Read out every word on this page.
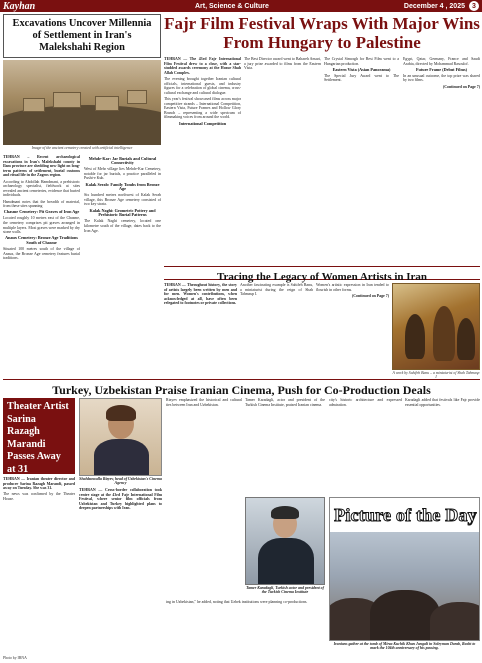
Kayhan	Art, Science & Culture	December 4 , 2025	3
Excavations Uncover Millennia of Settlement in Iran's Malekshahi Region
Image of the ancient cemetery created with artificial intelligence

TEHRAN – Recent archaeological excavations in Iran's Malekshahi county in Ilam province are shedding new light on long-term patterns of settlement, burial customs and ritual life in the Zagros region.

According to Abdollah Hamdmani, a prehistoric archaeology specialist, fieldwork at sites revealed ancient cemeteries, evidence that buried individuals.

Hamdmani notes that the breadth of material, from these sites spanning

Chasme Cemetery: Pit Graves of Iron Age

Located roughly 10 metres east of the Chasme, the cemetery comprises pit graves arranged in multiple layers. Most graves were marked by dry stone walls.

Anaux Cemetery: Bronze Age Traditions South of Chasme

Situated 100 metres south of the village of Anaux, the Bronze Age cemetery features burial traditions.

Mehde-Kar: Jar Burials and Cultural Connectivity

West of Mehr village lies Mehde-Kar Cemetery, notable for jar burials, a practice paralleled in Pusht-e Kuh.

Kalak Serab: Family Tombs from Bronze Age

Six hundred metres northwest of Kalak Serab village, this Bronze Age cemetery consisted of two key strata.

Kalak Naghi: Geometric Pottery and Prehistoric Burial Patterns

The Kalak Naghi cemetery, located one kilometre south of the village, dates back to the Iron Age.

Fajr Film Festival Wraps With Major Wins From Hungary to Palestine

TEHRAN — The 43rd Fajr International Film Festival drew to a close, with a star-studded awards ceremony at the Hozur Shah Allah Complex.

The evening brought together Iranian cultural officials, international guests, and industry figures for a celebration of global cinema, cross-cultural exchange and cultural dialogue.

This year's festival showcased films across major competitive strands – International Competition, Eastern Vista, Future Frames and Hollow Glory Branch – representing a wide spectrum of filmmaking voices from around the world.

International Competition

The Best Director award went to Bahareh Ansari, a jury prize awarded to films from the Eastern Vista.

The Crystal Simorgh for Best Film went to a Hungarian production.

Eastern Vista (Asian Panorama)

The Special Jury Award went to The Settlement.

Egypt, Qatar, Germany, France and Saudi Arabia, directed by Mohammad Rasoulof.

Future Frame (Debut Films)

In an unusual outcome, the top prize was shared by two films.

(Continued on Page 7)

Tracing the Legacy of Women Artists in Iran

TEHRAN — Throughout history, the story of artists largely been written by men and for men. Women's contributions, when acknowledged at all, have often been relegated to footnotes or private collections.

Another fascinating example is Sahifeh Banu, a miniaturist during the reign of Shah Tahmasp I.

Women's artistic expression in Iran tended to flourish in other forms.

(Continued on Page 7)

A work by Sahifeh Banu – a miniaturist of Shah Tahmasp I
Turkey, Uzbekistan Praise Iranian Cinema, Push for Co-Production Deals
Theater Artist Sarina Razagh Marandi Passes Away at 31

TEHRAN — Iranian theater director and producer Sarina Razagh Marandi, passed away on Tuesday. She was 31.

The news was confirmed by the Theater House.

Shahbanoulla Rizyev, head of Uzbekistan's Cinema Agency

TEHRAN — Cross-border collaboration took centre stage at the 43rd Fajr International Film Festival, where senior film officials from Uzbekistan and Turkey highlighted plans to deepen partnerships with Iran.

Rizyev emphasized the historical and cultural ties between Iran and Uzbekistan.

Tamer Karadagli, actor and president of the Turkish Cinema Institute, praised Iranian cinema.

city's historic architecture and expressed admiration.

Karadagli added that festivals like Fajr provide essential opportunities.

Tamer Karadagli, Turkish actor and president of the Turkish Cinema Institute

ing in Uzbekistan," he added, noting that Uzbek institutions were planning co-productions.

Picture of the Day
Iranians gather at the tomb of Mirza Kuchik Khan Jangali in Soleyman Darab, Rasht to mark the 104th anniversary of his passing.
Photo by IRNA
